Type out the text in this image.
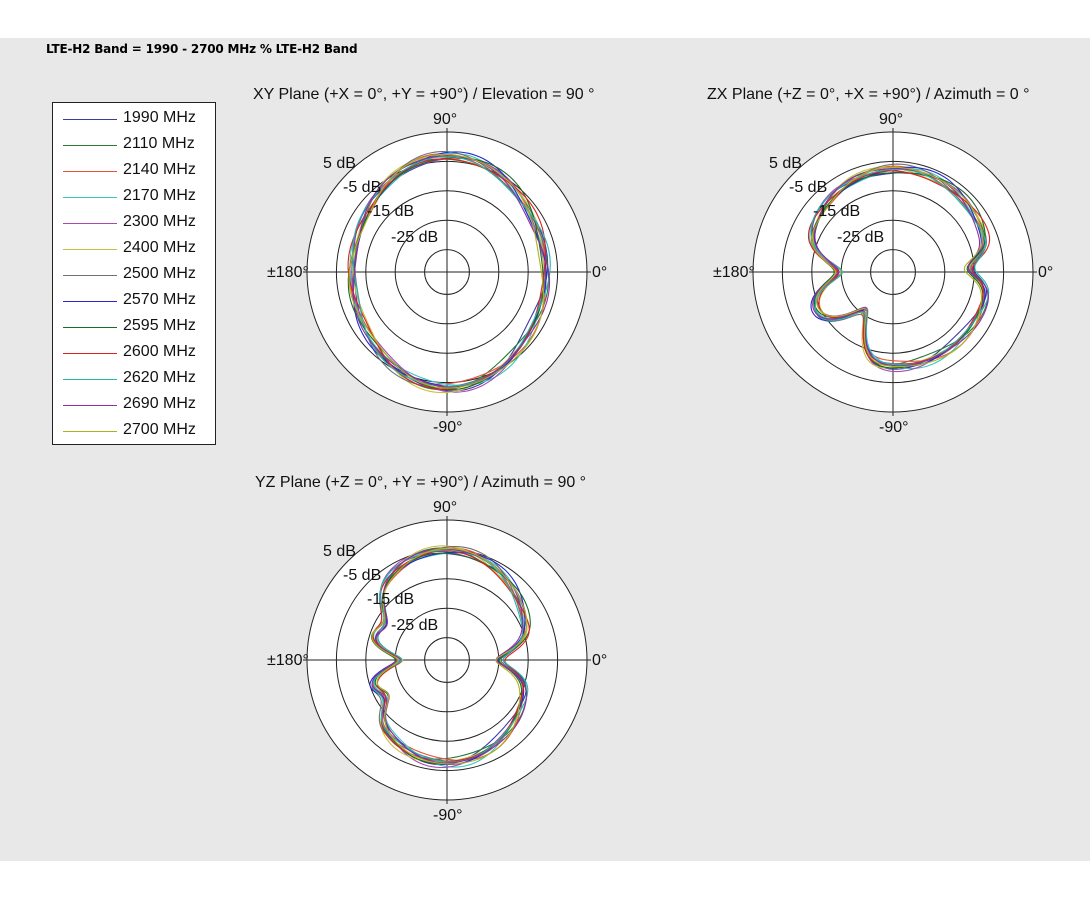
LTE-H2 Band = 1990 - 2700 MHz % LTE-H2 Band
1990 MHz
2110 MHz
2140 MHz
2170 MHz
2300 MHz
2400 MHz
2500 MHz
2570 MHz
2595 MHz
2600 MHz
2620 MHz
2690 MHz
2700 MHz
XY Plane (+X = 0°, +Y = +90°) / Elevation = 90 °	ZX Plane (+Z = 0°, +X = +90°) / Azimuth = 0 °
YZ Plane (+Z = 0°, +Y = +90°) / Azimuth = 90 °
5 dB
-5 dB
-15 dB
-25 dB
90°
-90°
±180°	0°
5 dB
-5 dB
-15 dB
-25 dB
90°
-90°
±180°	0°
5 dB
-5 dB
-15 dB
-25 dB
90°
-90°
±180°	0°
